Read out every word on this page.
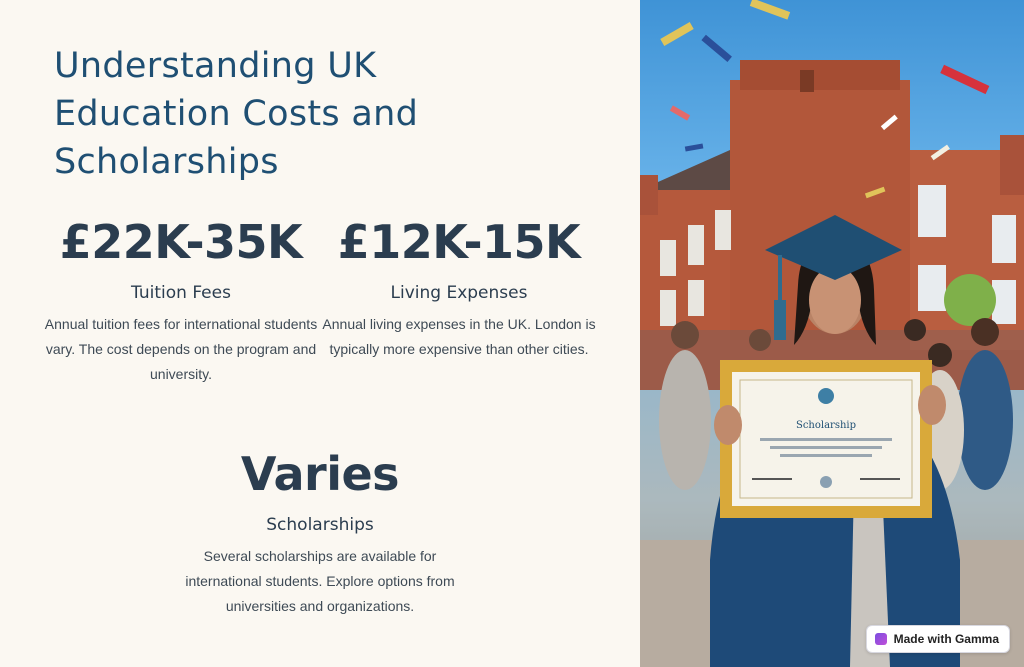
Understanding UK Education Costs and Scholarships
£22K-35K
Tuition Fees
Annual tuition fees for international students vary. The cost depends on the program and university.
£12K-15K
Living Expenses
Annual living expenses in the UK. London is typically more expensive than other cities.
Varies
Scholarships
Several scholarships are available for international students. Explore options from universities and organizations.
Scholarship
Made with Gamma
